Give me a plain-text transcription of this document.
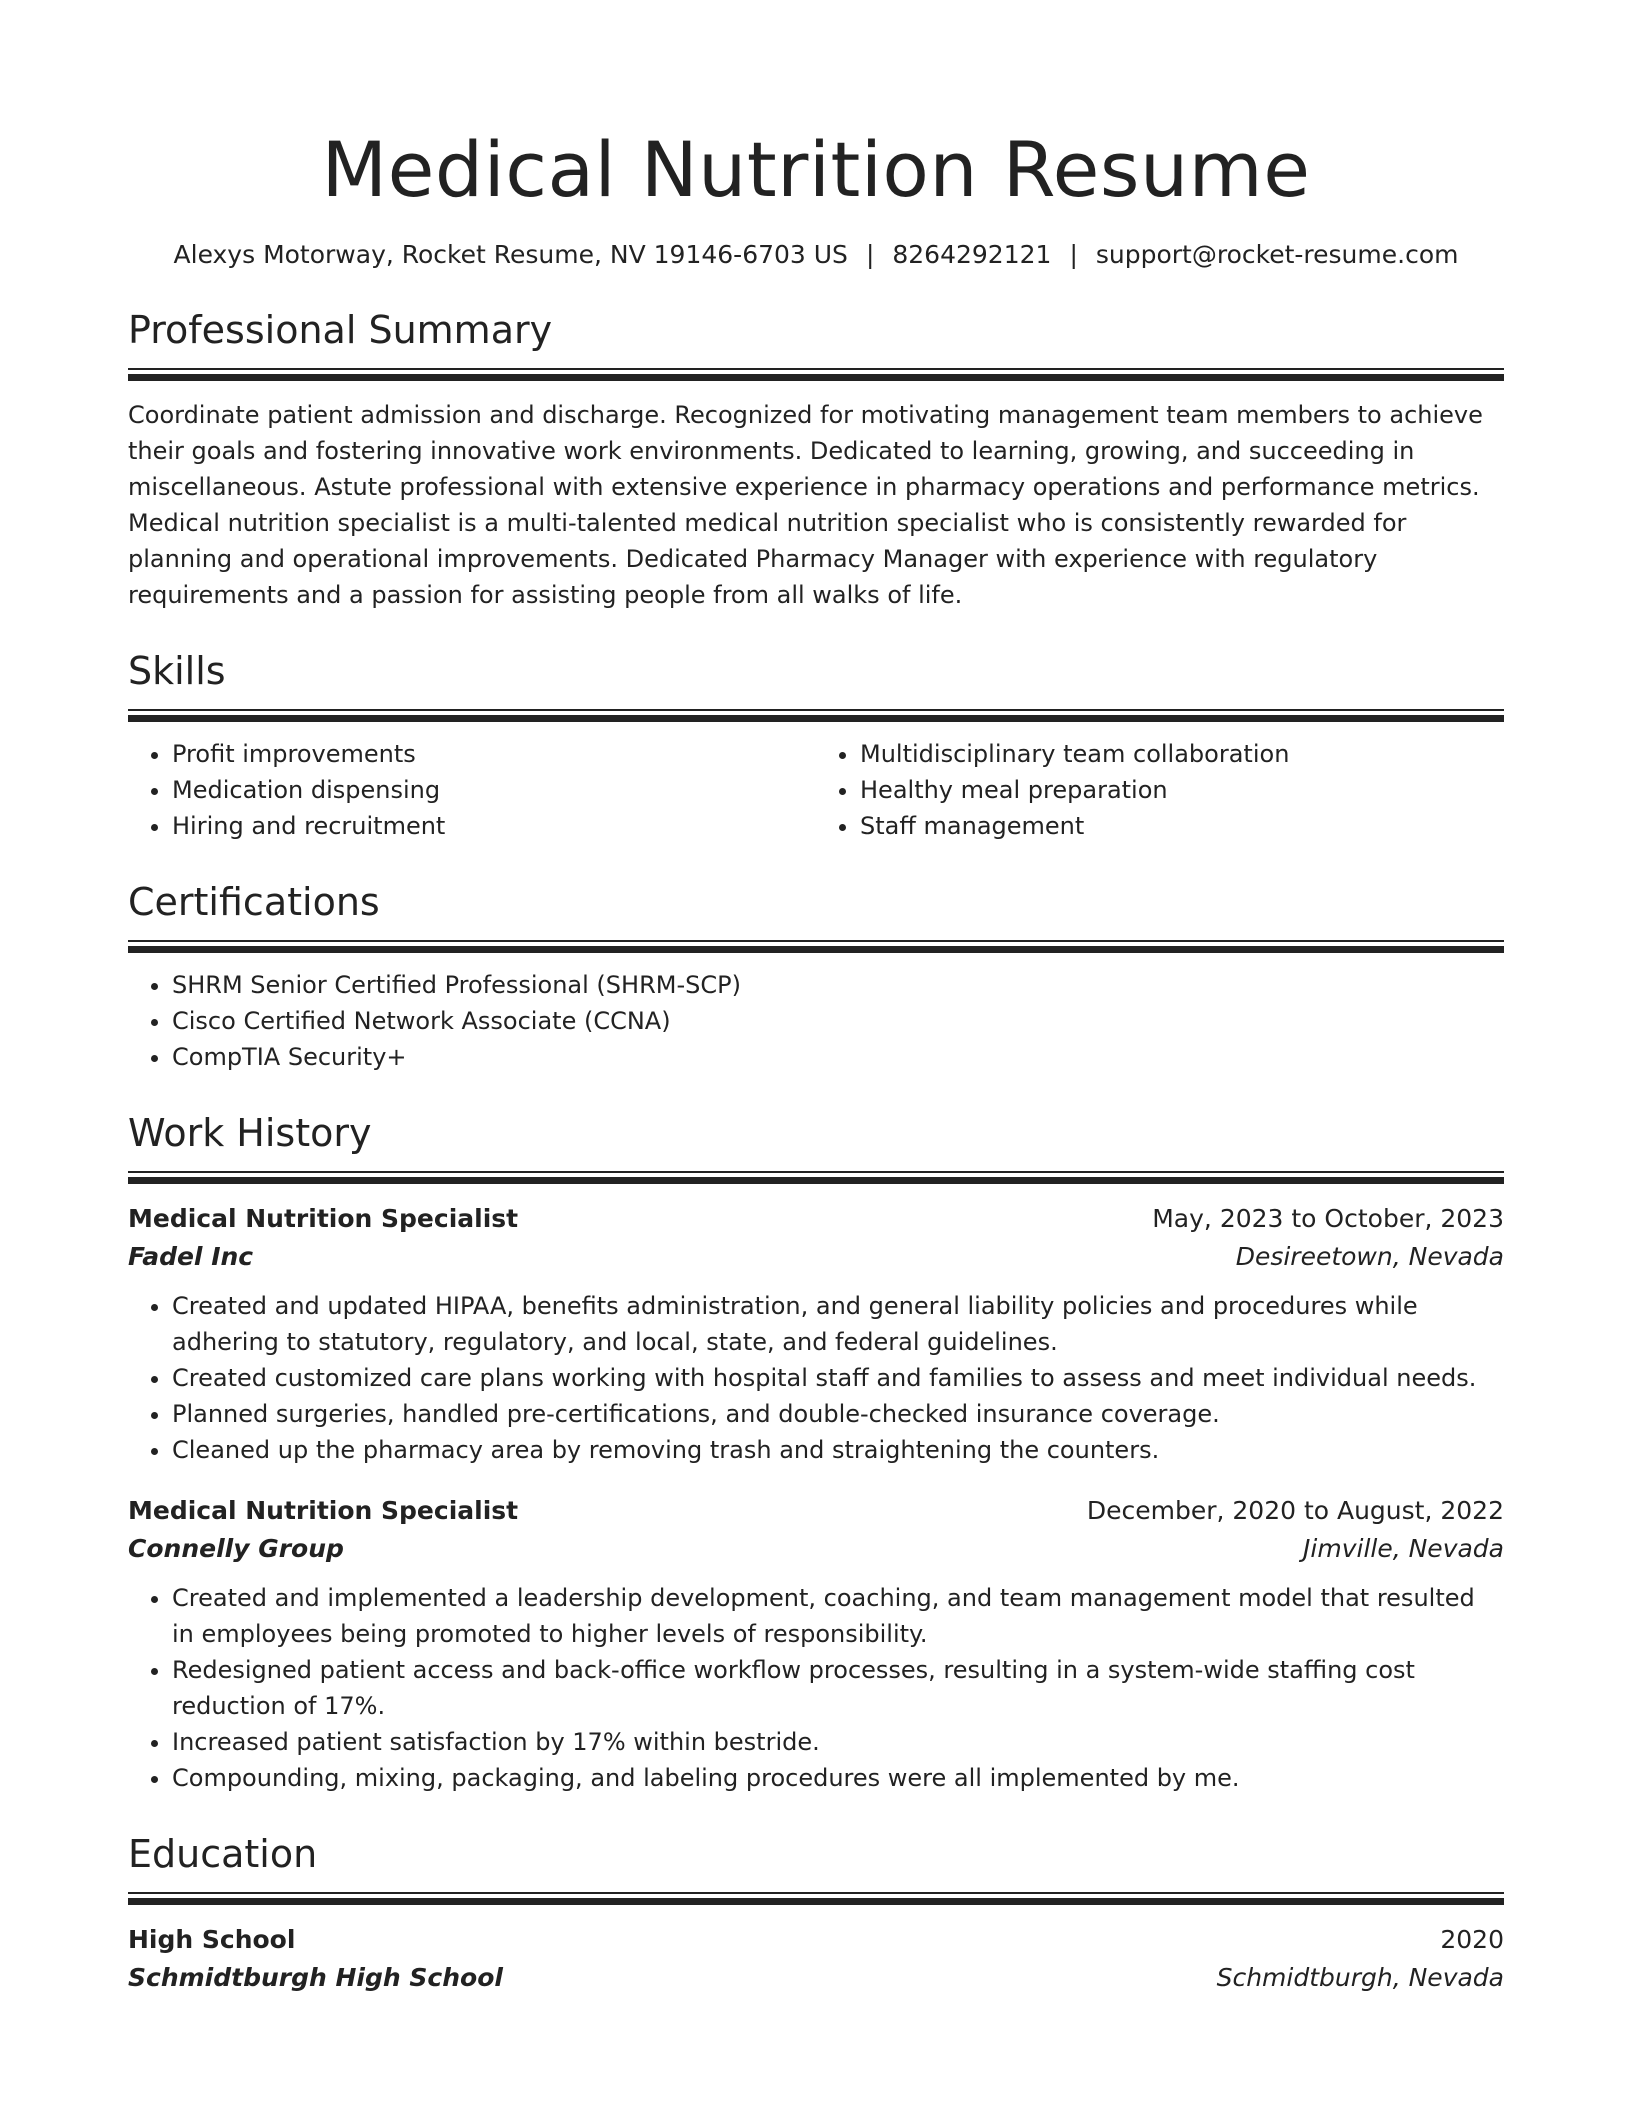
Medical Nutrition Resume
Alexys Motorway, Rocket Resume, NV 19146-6703 US | 8264292121 | support@rocket-resume.com
Professional Summary

Coordinate patient admission and discharge. Recognized for motivating management team members to achieve their goals and fostering innovative work environments. Dedicated to learning, growing, and succeeding in miscellaneous. Astute professional with extensive experience in pharmacy operations and performance metrics. Medical nutrition specialist is a multi-talented medical nutrition specialist who is consistently rewarded for planning and operational improvements. Dedicated Pharmacy Manager with experience with regulatory requirements and a passion for assisting people from all walks of life.

Skills
• Profit improvements
• Medication dispensing
• Hiring and recruitment
• Multidisciplinary team collaboration
• Healthy meal preparation
• Staff management
Certifications
• SHRM Senior Certified Professional (SHRM-SCP)
• Cisco Certified Network Associate (CCNA)
• CompTIA Security+
Work History
Medical Nutrition Specialist	May, 2023 to October, 2023
Fadel Inc	Desireetown, Nevada
• Created and updated HIPAA, benefits administration, and general liability policies and procedures while adhering to statutory, regulatory, and local, state, and federal guidelines.
• Created customized care plans working with hospital staff and families to assess and meet individual needs.
• Planned surgeries, handled pre-certifications, and double-checked insurance coverage.
• Cleaned up the pharmacy area by removing trash and straightening the counters.
Medical Nutrition Specialist	December, 2020 to August, 2022
Connelly Group	Jimville, Nevada
• Created and implemented a leadership development, coaching, and team management model that resulted in employees being promoted to higher levels of responsibility.
• Redesigned patient access and back-office workflow processes, resulting in a system-wide staffing cost reduction of 17%.
• Increased patient satisfaction by 17% within bestride.
• Compounding, mixing, packaging, and labeling procedures were all implemented by me.
Education
High School	2020
Schmidtburgh High School	Schmidtburgh, Nevada
